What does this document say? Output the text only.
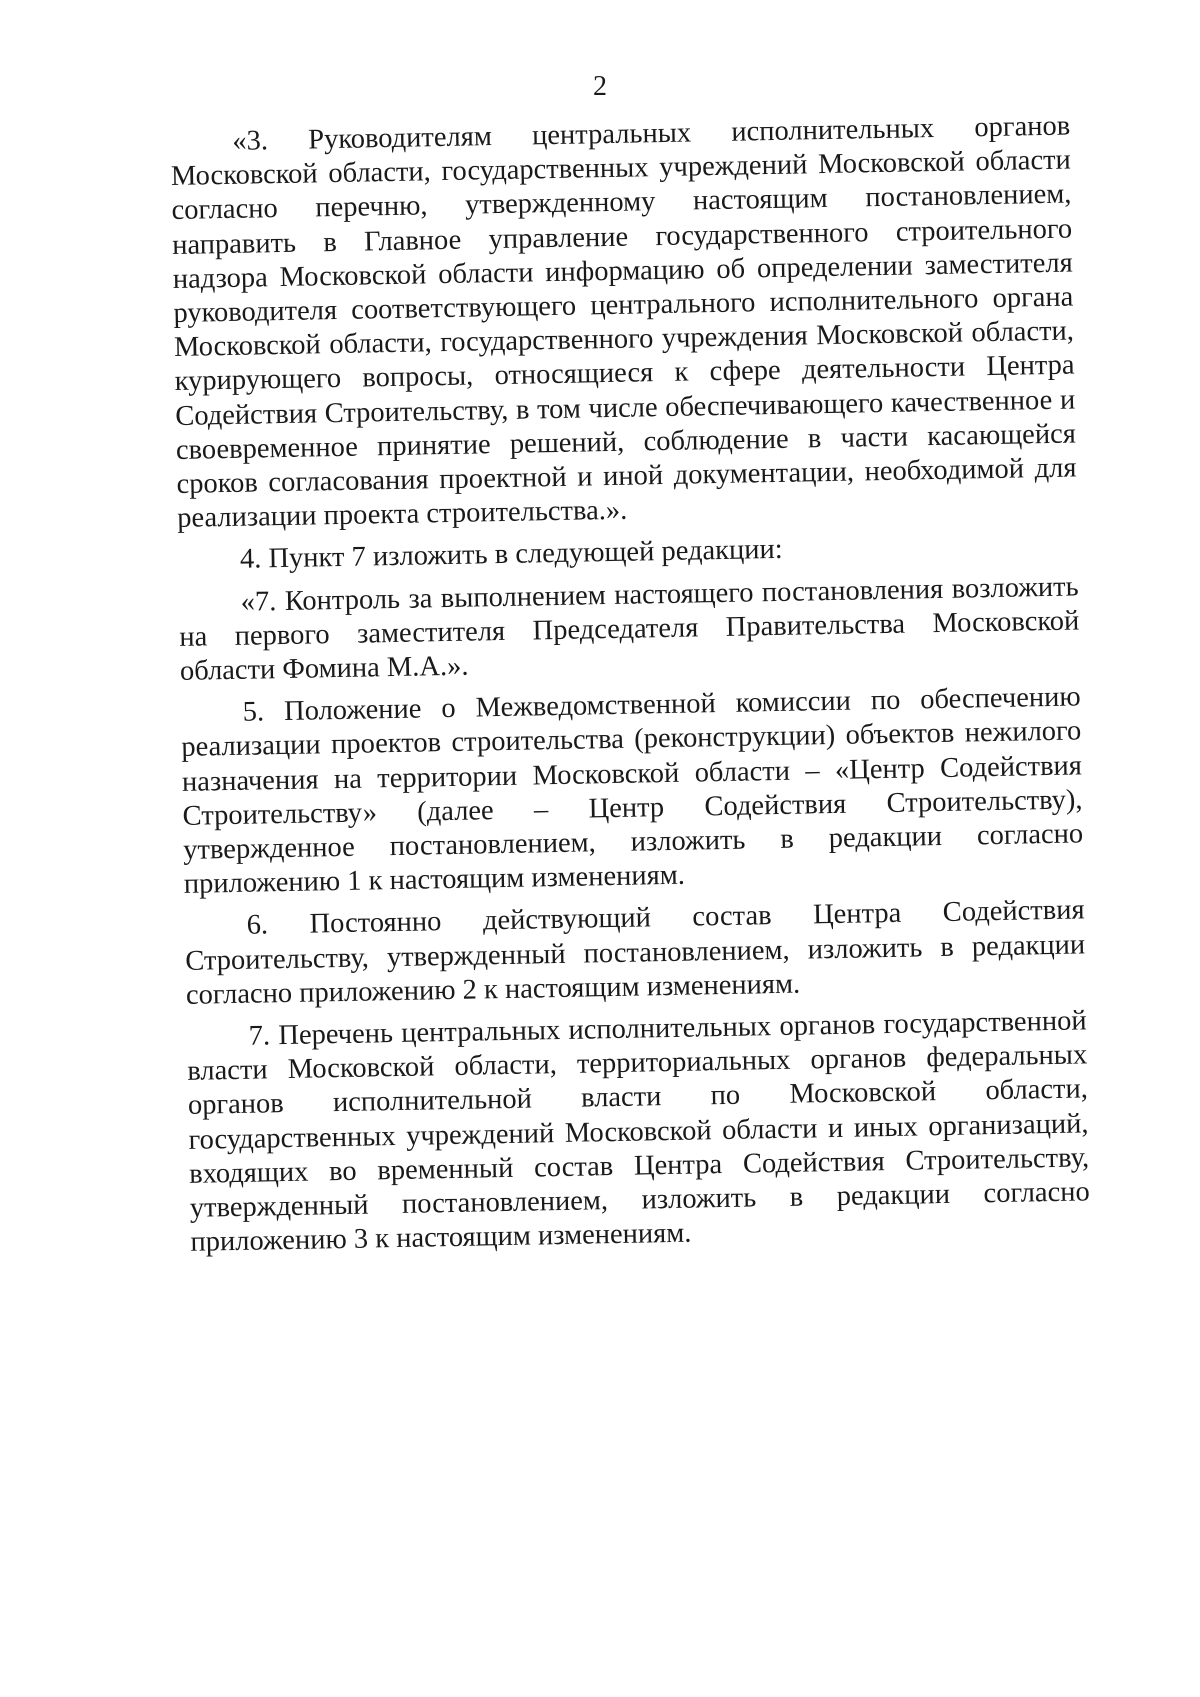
2

«3. Руководителям центральных исполнительных органов Московской области, государственных учреждений Московской области согласно перечню, утвержденному настоящим постановлением, направить в Главное управление государственного строительного надзора Московской области информацию об определении заместителя руководителя соответствующего центрального исполнительного органа Московской области, государственного учреждения Московской области, курирующего вопросы, относящиеся к сфере деятельности Центра Содействия Строительству, в том числе обеспечивающего качественное и своевременное принятие решений, соблюдение в части касающейся сроков согласования проектной и иной документации, необходимой для реализации проекта строительства.».

4. Пункт 7 изложить в следующей редакции:

«7. Контроль за выполнением настоящего постановления возложить на первого заместителя Председателя Правительства Московской области Фомина М.А.».

5. Положение о Межведомственной комиссии по обеспечению реализации проектов строительства (реконструкции) объектов нежилого назначения на территории Московской области – «Центр Содействия Строительству» (далее – Центр Содействия Строительству), утвержденное постановлением, изложить в редакции согласно приложению 1 к настоящим изменениям.

6. Постоянно действующий состав Центра Содействия Строительству, утвержденный постановлением, изложить в редакции согласно приложению 2 к настоящим изменениям.

7. Перечень центральных исполнительных органов государственной власти Московской области, территориальных органов федеральных органов исполнительной власти по Московской области, государственных учреждений Московской области и иных организаций, входящих во временный состав Центра Содействия Строительству, утвержденный постановлением, изложить в редакции согласно приложению 3 к настоящим изменениям.
